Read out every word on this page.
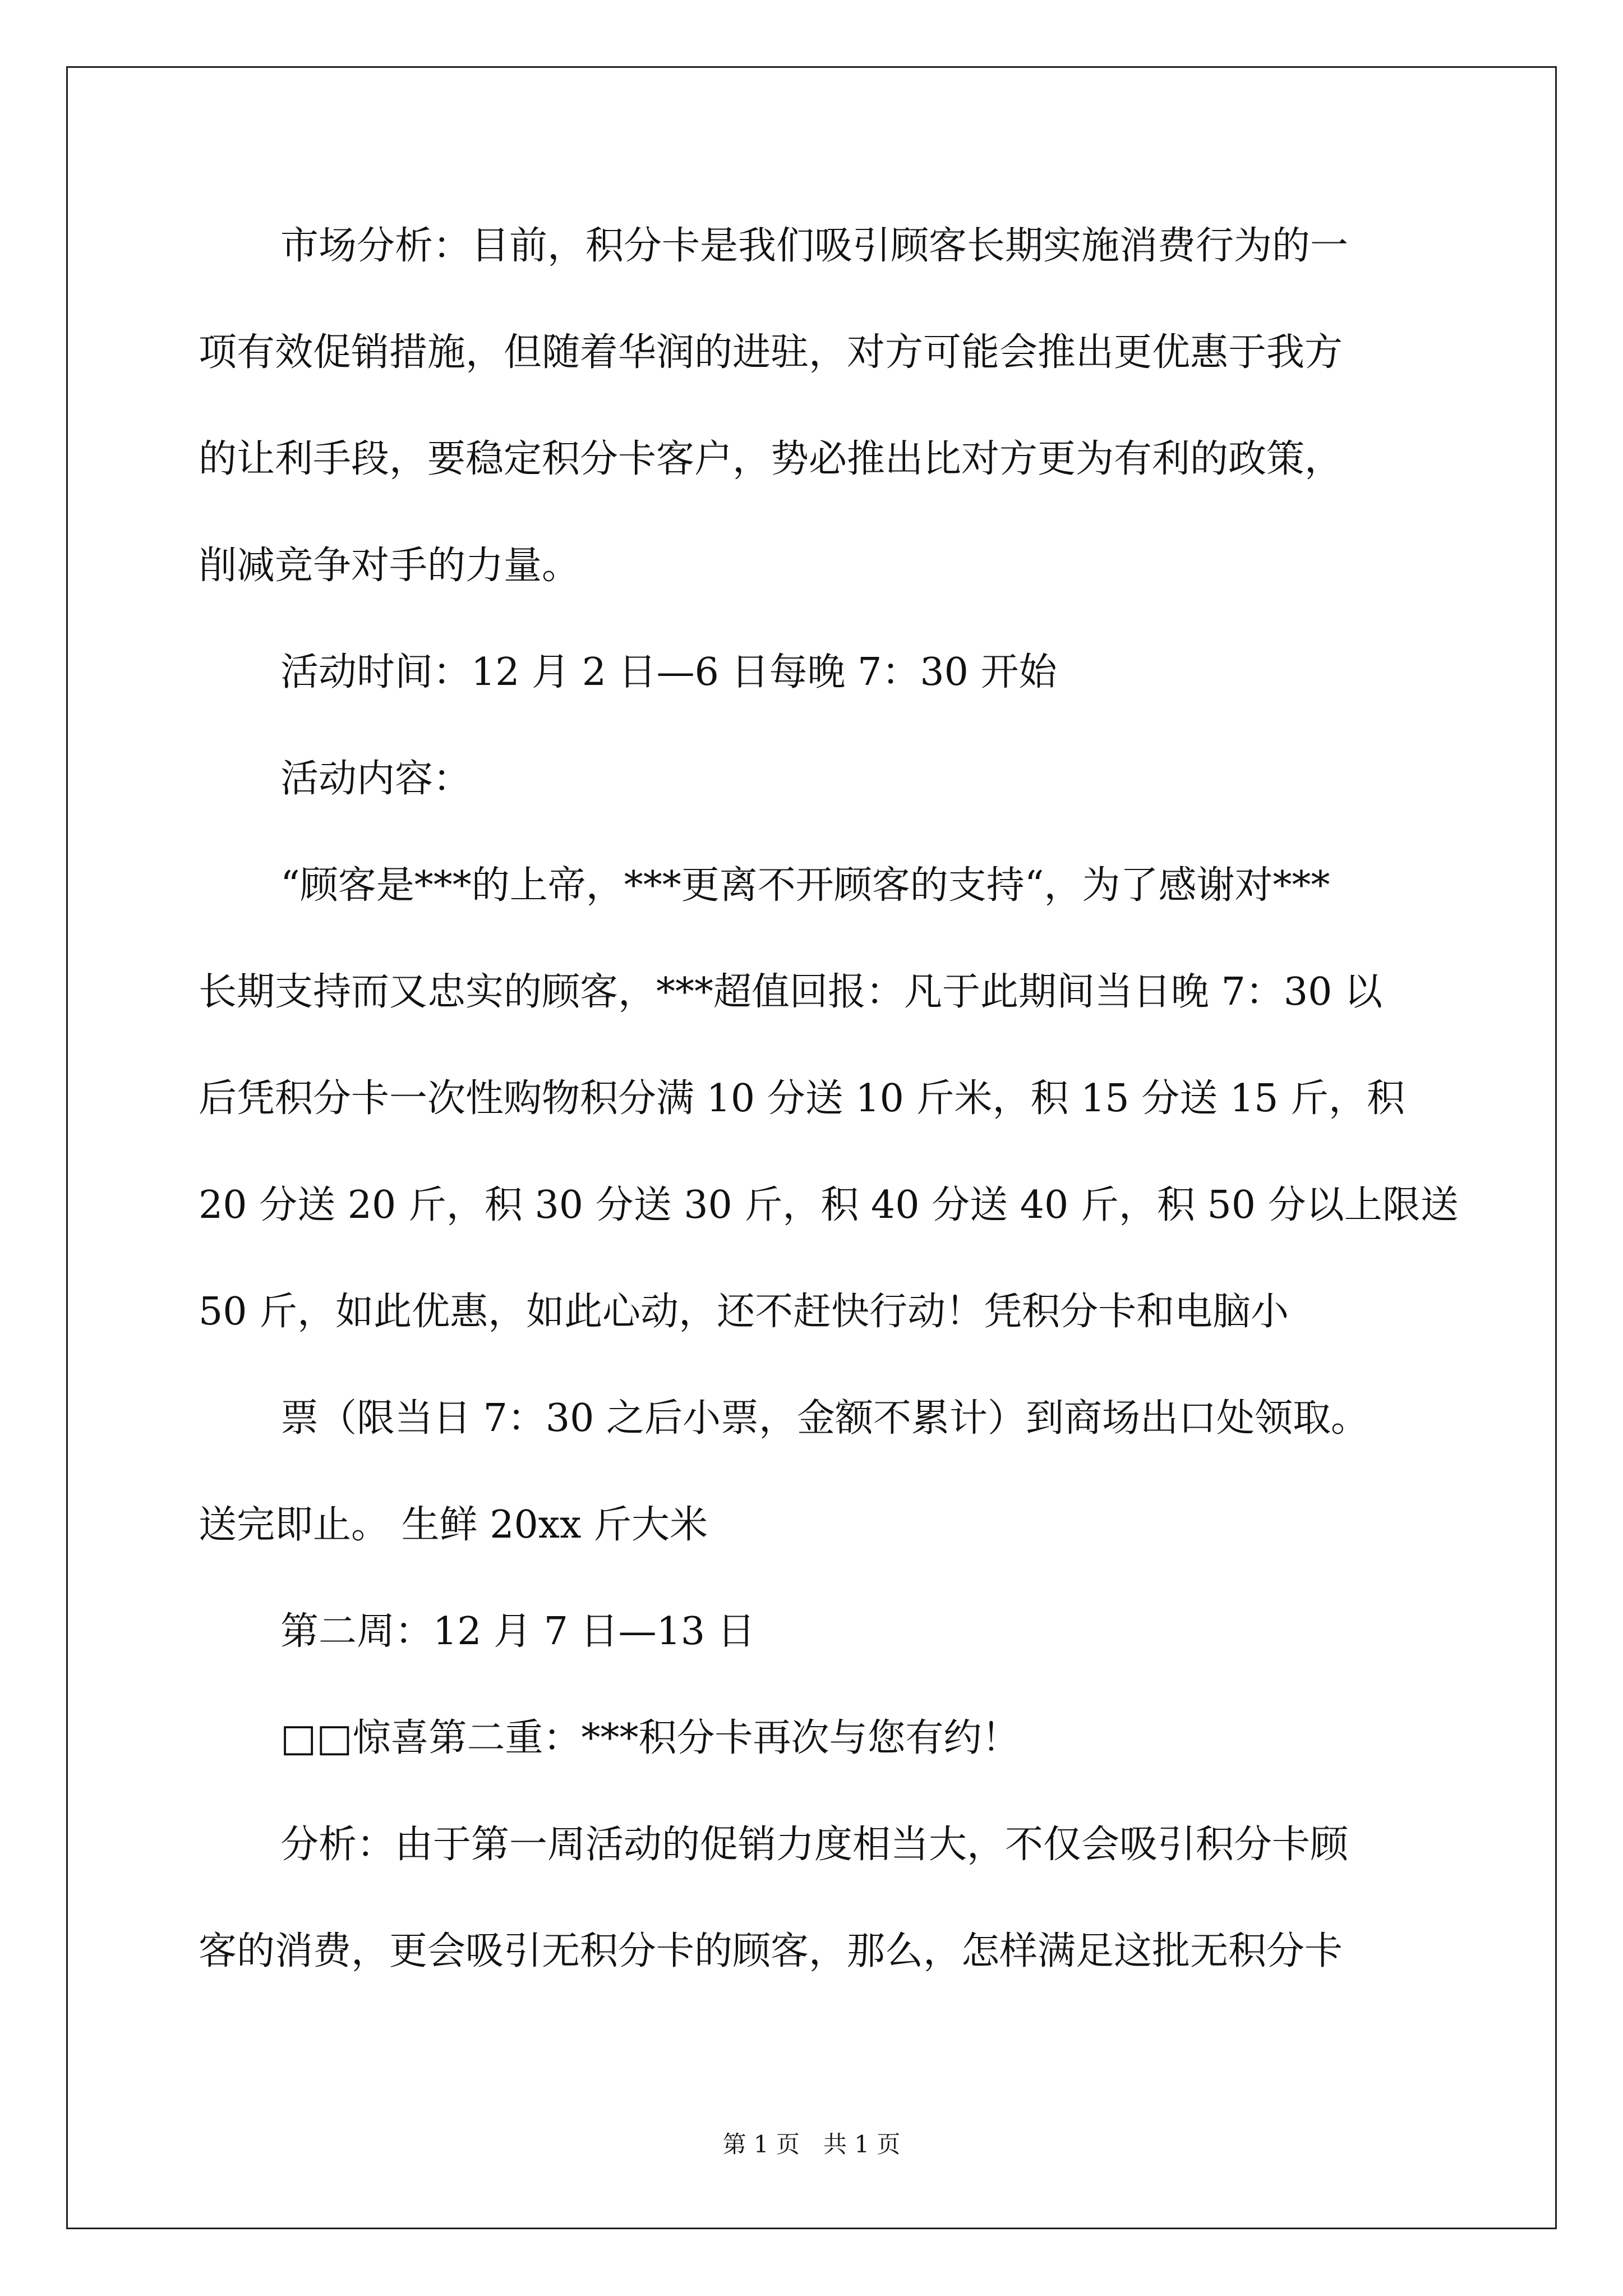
市场分析：目前，积分卡是我们吸引顾客长期实施消费行为的一
项有效促销措施，但随着华润的进驻，对方可能会推出更优惠于我方
的让利手段，要稳定积分卡客户，势必推出比对方更为有利的政策，
削减竞争对手的力量。
活动时间：12 月 2 日—6 日每晚 7：30 开始
活动内容：
“顾客是***的上帝，***更离不开顾客的支持“，为了感谢对***
长期支持而又忠实的顾客，***超值回报：凡于此期间当日晚 7：30 以
后凭积分卡一次性购物积分满 10 分送 10 斤米，积 15 分送 15 斤，积
20 分送 20 斤，积 30 分送 30 斤，积 40 分送 40 斤，积 50 分以上限送
50 斤，如此优惠，如此心动，还不赶快行动！凭积分卡和电脑小
票（限当日 7：30 之后小票，金额不累计）到商场出口处领取。
送完即止。 生鲜 20xx 斤大米
第二周：12 月 7 日—13 日
□□惊喜第二重：***积分卡再次与您有约！
分析：由于第一周活动的促销力度相当大，不仅会吸引积分卡顾
客的消费，更会吸引无积分卡的顾客，那么，怎样满足这批无积分卡
第 1 页　共 1 页
